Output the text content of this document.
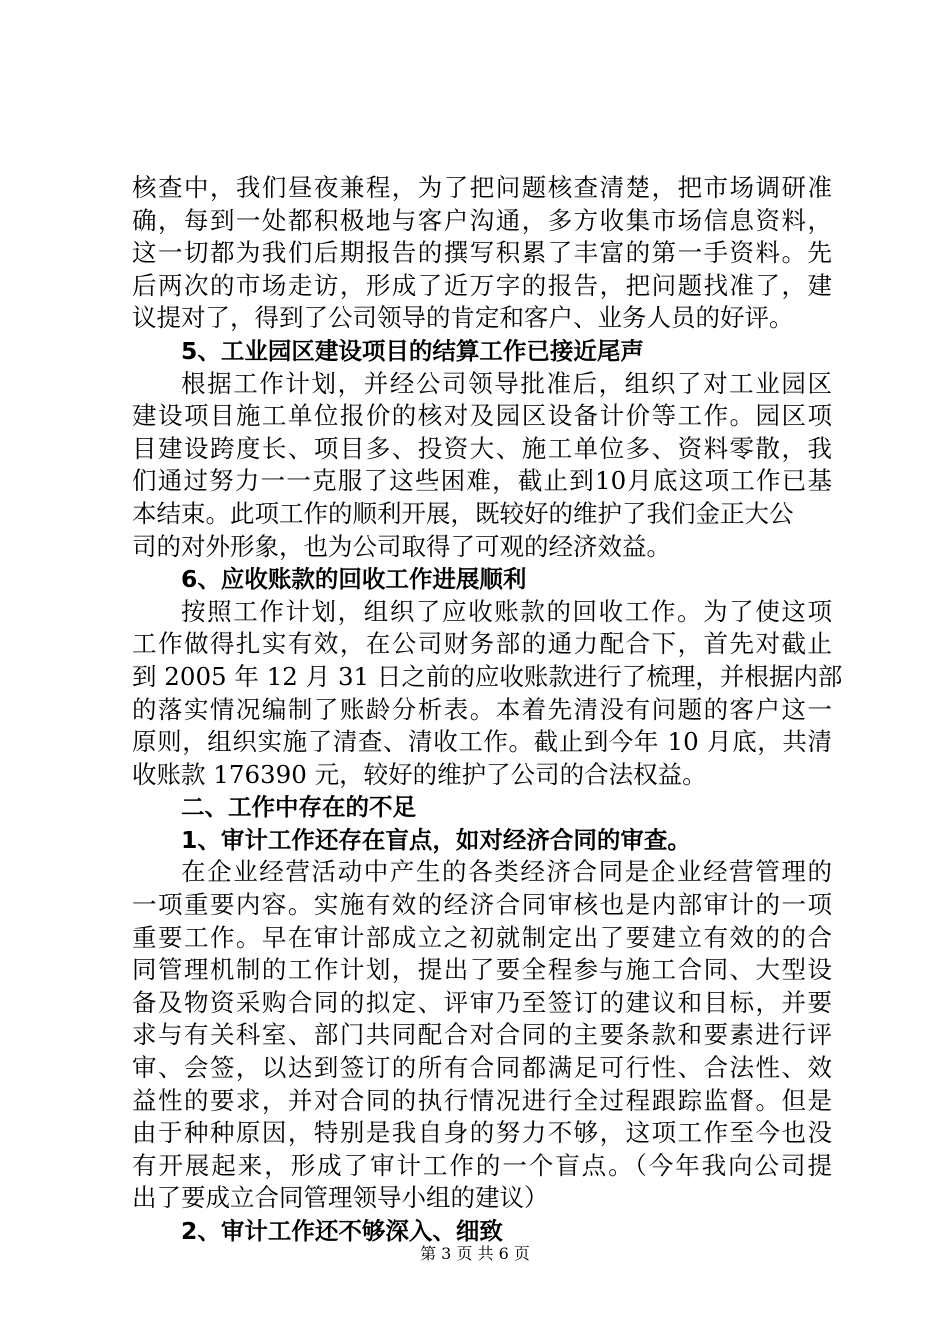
核查中，我们昼夜兼程，为了把问题核查清楚，把市场调研准
确，每到一处都积极地与客户沟通，多方收集市场信息资料，
这一切都为我们后期报告的撰写积累了丰富的第一手资料。先
后两次的市场走访，形成了近万字的报告，把问题找准了，建
议提对了，得到了公司领导的肯定和客户、业务人员的好评。
5、工业园区建设项目的结算工作已接近尾声
根据工作计划，并经公司领导批准后，组织了对工业园区
建设项目施工单位报价的核对及园区设备计价等工作。园区项
目建设跨度长、项目多、投资大、施工单位多、资料零散，我
们通过努力一一克服了这些困难，截止到10月底这项工作已基
本结束。此项工作的顺利开展，既较好的维护了我们金正大公
司的对外形象，也为公司取得了可观的经济效益。
6、应收账款的回收工作进展顺利
按照工作计划，组织了应收账款的回收工作。为了使这项
工作做得扎实有效，在公司财务部的通力配合下，首先对截止
到 2005 年 12 月 31 日之前的应收账款进行了梳理，并根据内部
的落实情况编制了账龄分析表。本着先清没有问题的客户这一
原则，组织实施了清查、清收工作。截止到今年 10 月底，共清
收账款 176390 元，较好的维护了公司的合法权益。
二、工作中存在的不足
1、审计工作还存在盲点，如对经济合同的审查。
在企业经营活动中产生的各类经济合同是企业经营管理的
一项重要内容。实施有效的经济合同审核也是内部审计的一项
重要工作。早在审计部成立之初就制定出了要建立有效的的合
同管理机制的工作计划，提出了要全程参与施工合同、大型设
备及物资采购合同的拟定、评审乃至签订的建议和目标，并要
求与有关科室、部门共同配合对合同的主要条款和要素进行评
审、会签，以达到签订的所有合同都满足可行性、合法性、效
益性的要求，并对合同的执行情况进行全过程跟踪监督。但是
由于种种原因，特别是我自身的努力不够，这项工作至今也没
有开展起来，形成了审计工作的一个盲点。（今年我向公司提
出了要成立合同管理领导小组的建议）
2、审计工作还不够深入、细致
第 3 页 共 6 页
